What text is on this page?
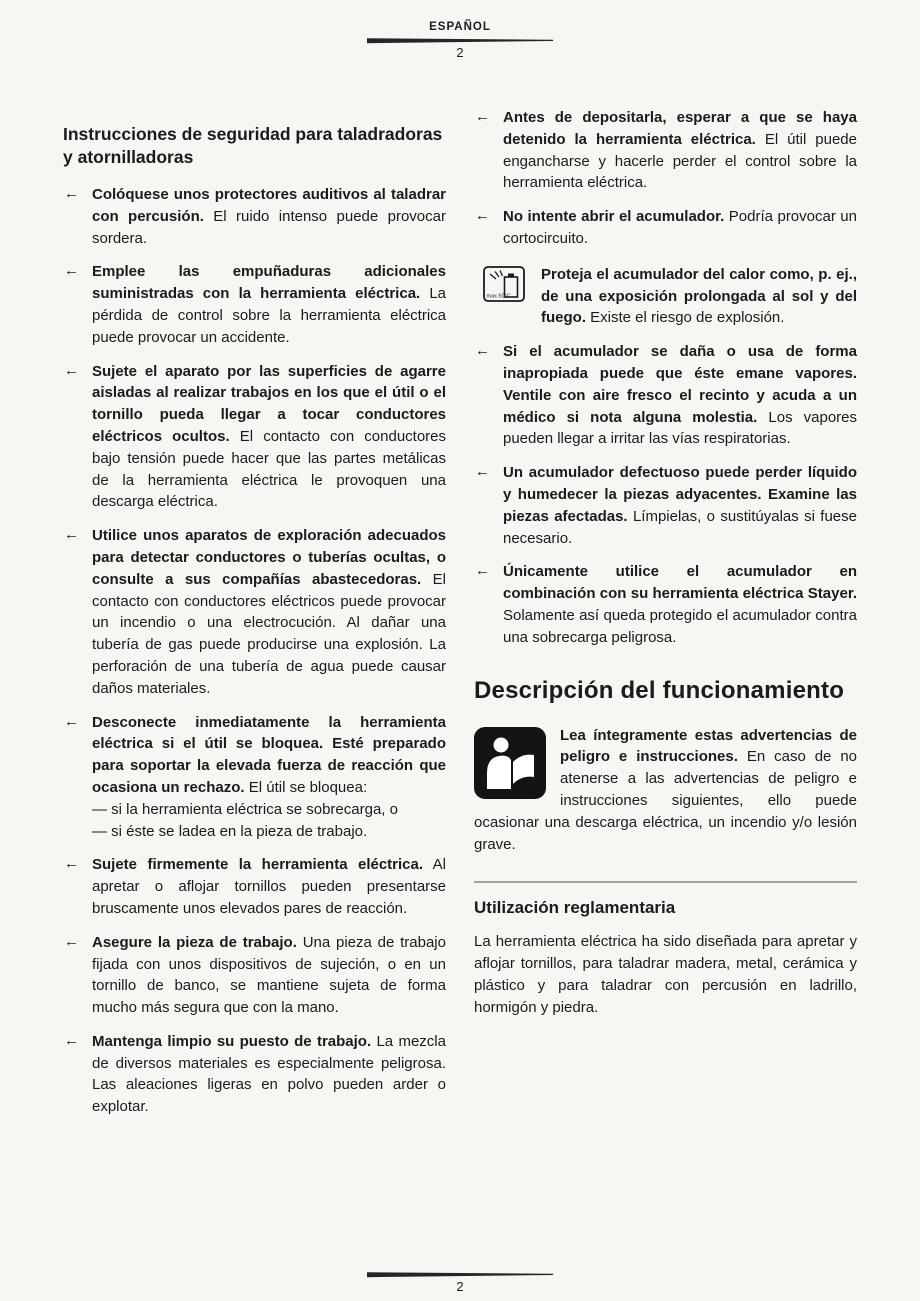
ESPAÑOL
2
Instrucciones de seguridad para taladradoras y atornilladoras
← Colóquese unos protectores auditivos al taladrar con percusión. El ruido intenso puede provocar sordera.
← Emplee las empuñaduras adicionales suministradas con la herramienta eléctrica. La pérdida de control sobre la herramienta eléctrica puede provocar un accidente.
← Sujete el aparato por las superficies de agarre aisladas al realizar trabajos en los que el útil o el tornillo pueda llegar a tocar conductores eléctricos ocultos. El contacto con conductores bajo tensión puede hacer que las partes metálicas de la herramienta eléctrica le provoquen una descarga eléctrica.
← Utilice unos aparatos de exploración adecuados para detectar conductores o tuberías ocultas, o consulte a sus compañías abastecedoras. El contacto con conductores eléctricos puede provocar un incendio o una electrocución. Al dañar una tubería de gas puede producirse una explosión. La perforación de una tubería de agua puede causar daños materiales.
← Desconecte inmediatamente la herramienta eléctrica si el útil se bloquea. Esté preparado para soportar la elevada fuerza de reacción que ocasiona un rechazo. El útil se bloquea:
— si la herramienta eléctrica se sobrecarga, o
— si éste se ladea en la pieza de trabajo.
← Sujete firmemente la herramienta eléctrica. Al apretar o aflojar tornillos pueden presentarse bruscamente unos elevados pares de reacción.
← Asegure la pieza de trabajo. Una pieza de trabajo fijada con unos dispositivos de sujeción, o en un tornillo de banco, se mantiene sujeta de forma mucho más segura que con la mano.
← Mantenga limpio su puesto de trabajo. La mezcla de diversos materiales es especialmente peligrosa. Las aleaciones ligeras en polvo pueden arder o explotar.
← Antes de depositarla, esperar a que se haya detenido la herramienta eléctrica. El útil puede engancharse y hacerle perder el control sobre la herramienta eléctrica.
← No intente abrir el acumulador. Podría provocar un cortocircuito.
max.50°C
Proteja el acumulador del calor como, p. ej., de una exposición prolongada al sol y del fuego. Existe el riesgo de explosión.
← Si el acumulador se daña o usa de forma inapropiada puede que éste emane vapores. Ventile con aire fresco el recinto y acuda a un médico si nota alguna molestia. Los vapores pueden llegar a irritar las vías respiratorias.
← Un acumulador defectuoso puede perder líquido y humedecer la piezas adyacentes. Examine las piezas afectadas. Límpielas, o sustitúyalas si fuese necesario.
← Únicamente utilice el acumulador en combinación con su herramienta eléctrica Stayer. Solamente así queda protegido el acumulador contra una sobrecarga peligrosa.
Descripción del funcionamiento
Lea íntegramente estas advertencias de peligro e instrucciones. En caso de no atenerse a las advertencias de peligro e instrucciones siguientes, ello puede ocasionar una descarga eléctrica, un incendio y/o lesión grave.
Utilización reglamentaria

La herramienta eléctrica ha sido diseñada para apretar y aflojar tornillos, para taladrar madera, metal, cerámica y plástico y para taladrar con percusión en ladrillo, hormigón y piedra.

2
